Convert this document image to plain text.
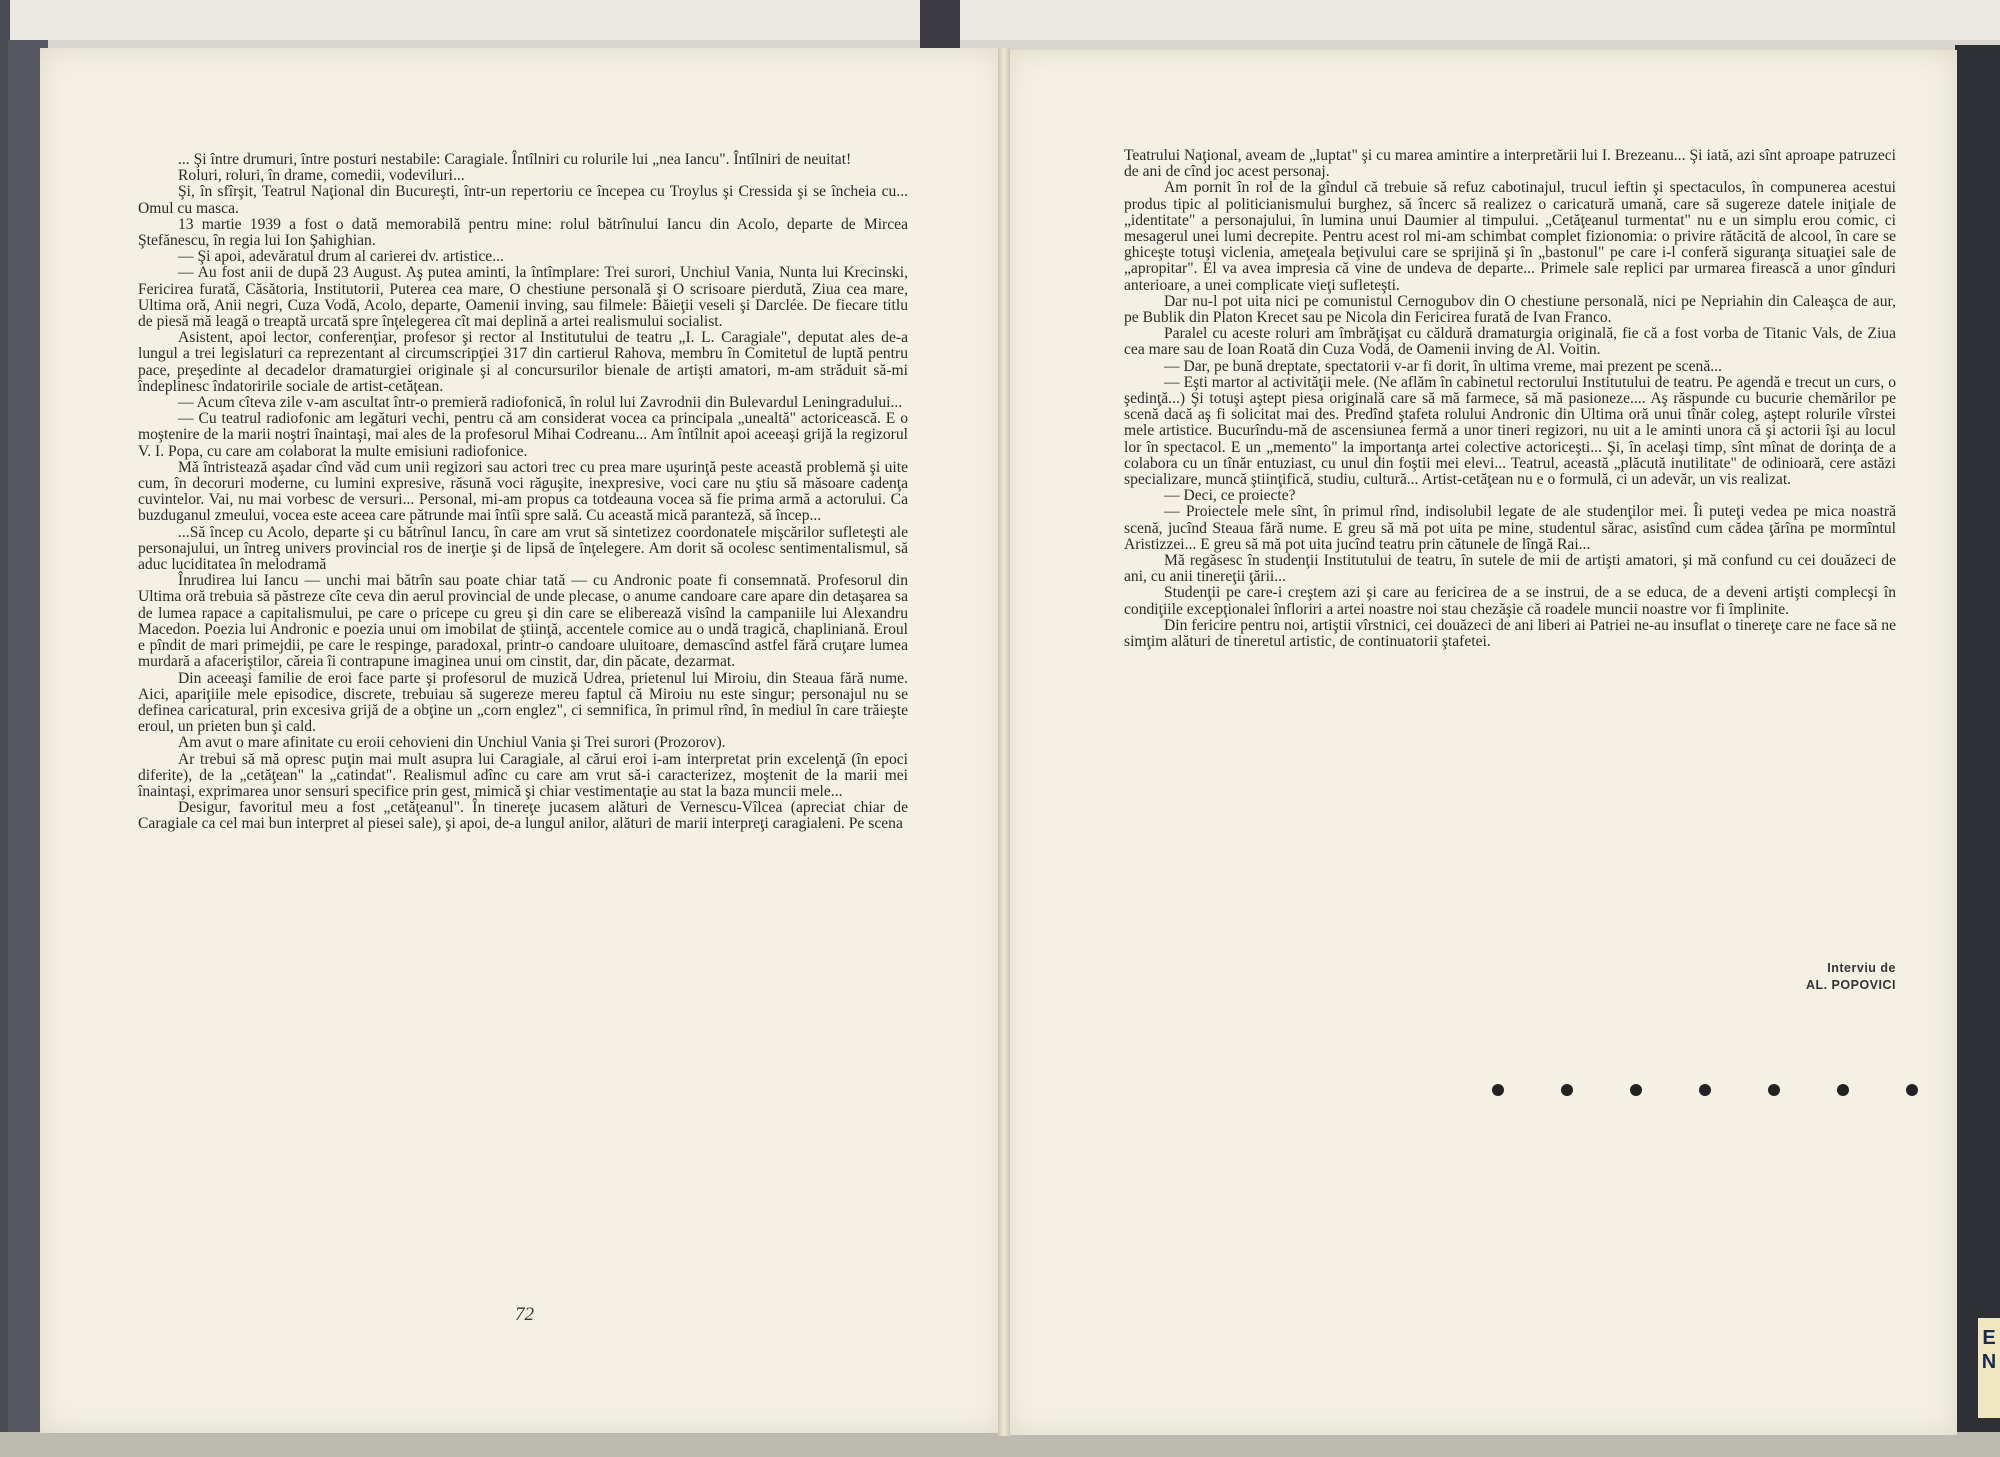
... Şi între drumuri, între posturi nestabile: Caragiale. Întîlniri cu rolurile lui „nea Iancu". Întîlniri de neuitat!

Roluri, roluri, în drame, comedii, vodeviluri...

Şi, în sfîrşit, Teatrul Naţional din Bucureşti, într-un repertoriu ce începea cu Troylus şi Cressida şi se încheia cu... Omul cu masca.

13 martie 1939 a fost o dată memorabilă pentru mine: rolul bătrînului Iancu din Acolo, departe de Mircea Ştefănescu, în regia lui Ion Şahighian.

— Şi apoi, adevăratul drum al carierei dv. artistice...

— Au fost anii de după 23 August. Aş putea aminti, la întîmplare: Trei surori, Unchiul Vania, Nunta lui Krecinski, Fericirea furată, Căsătoria, Institutorii, Puterea cea mare, O chestiune personală şi O scrisoare pierdută, Ziua cea mare, Ultima oră, Anii negri, Cuza Vodă, Acolo, departe, Oamenii inving, sau filmele: Băieţii veseli şi Darclée. De fiecare titlu de piesă mă leagă o treaptă urcată spre înţelegerea cît mai deplină a artei realismului socialist.

Asistent, apoi lector, conferenţiar, profesor şi rector al Institutului de teatru „I. L. Caragiale", deputat ales de-a lungul a trei legislaturi ca reprezentant al circumscripţiei 317 din cartierul Rahova, membru în Comitetul de luptă pentru pace, preşedinte al decadelor dramaturgiei originale şi al concursurilor bienale de artişti amatori, m-am străduit să-mi îndeplinesc îndatoririle sociale de artist-cetăţean.

— Acum cîteva zile v-am ascultat într-o premieră radiofonică, în rolul lui Zavrodnii din Bulevardul Leningradului...

— Cu teatrul radiofonic am legături vechi, pentru că am considerat vocea ca principala „unealtă" actoricească. E o moştenire de la marii noştri înaintaşi, mai ales de la profesorul Mihai Codreanu... Am întîlnit apoi aceeaşi grijă la regizorul V. I. Popa, cu care am colaborat la multe emisiuni radiofonice.

Mă întristează aşadar cînd văd cum unii regizori sau actori trec cu prea mare uşurinţă peste această problemă şi uite cum, în decoruri moderne, cu lumini expresive, răsună voci răguşite, inexpresive, voci care nu ştiu să măsoare cadenţa cuvintelor. Vai, nu mai vorbesc de versuri... Personal, mi-am propus ca totdeauna vocea să fie prima armă a actorului. Ca buzduganul zmeului, vocea este aceea care pătrunde mai întîi spre sală. Cu această mică paranteză, să încep...

...Să încep cu Acolo, departe şi cu bătrînul Iancu, în care am vrut să sintetizez coordonatele mişcărilor sufleteşti ale personajului, un întreg univers provincial ros de inerţie şi de lipsă de înţelegere. Am dorit să ocolesc sentimentalismul, să aduc luciditatea în melodramă

Înrudirea lui Iancu — unchi mai bătrîn sau poate chiar tată — cu Andronic poate fi consemnată. Profesorul din Ultima oră trebuia să păstreze cîte ceva din aerul provincial de unde plecase, o anume candoare care apare din detaşarea sa de lumea rapace a capitalismului, pe care o pricepe cu greu şi din care se eliberează visînd la campaniile lui Alexandru Macedon. Poezia lui Andronic e poezia unui om imobilat de ştiinţă, accentele comice au o undă tragică, chapliniană. Eroul e pîndit de mari primejdii, pe care le respinge, paradoxal, printr-o candoare uluitoare, demascînd astfel fără cruţare lumea murdară a afaceriştilor, căreia îi contrapune imaginea unui om cinstit, dar, din păcate, dezarmat.

Din aceeaşi familie de eroi face parte şi profesorul de muzică Udrea, prietenul lui Miroiu, din Steaua fără nume. Aici, apariţiile mele episodice, discrete, trebuiau să sugereze mereu faptul că Miroiu nu este singur; personajul nu se definea caricatural, prin excesiva grijă de a obţine un „corn englez", ci semnifica, în primul rînd, în mediul în care trăieşte eroul, un prieten bun şi cald.

Am avut o mare afinitate cu eroii cehovieni din Unchiul Vania şi Trei surori (Prozorov).

Ar trebui să mă opresc puţin mai mult asupra lui Caragiale, al cărui eroi i-am interpretat prin excelenţă (în epoci diferite), de la „cetăţean" la „catindat". Realismul adînc cu care am vrut să-i caracterizez, moştenit de la marii mei înaintaşi, exprimarea unor sensuri specifice prin gest, mimică şi chiar vestimentaţie au stat la baza muncii mele...

Desigur, favoritul meu a fost „cetăţeanul". În tinereţe jucasem alături de Vernescu-Vîlcea (apreciat chiar de Caragiale ca cel mai bun interpret al piesei sale), şi apoi, de-a lungul anilor, alături de marii interpreţi caragialeni. Pe scena

72

Teatrului Naţional, aveam de „luptat" şi cu marea amintire a interpretării lui I. Brezeanu... Şi iată, azi sînt aproape patruzeci de ani de cînd joc acest personaj.

Am pornit în rol de la gîndul că trebuie să refuz cabotinajul, trucul ieftin şi spectaculos, în compunerea acestui produs tipic al politicianismului burghez, să încerc să realizez o caricatură umană, care să sugereze datele iniţiale de „identitate" a personajului, în lumina unui Daumier al timpului. „Cetăţeanul turmentat" nu e un simplu erou comic, ci mesagerul unei lumi decrepite. Pentru acest rol mi-am schimbat complet fizionomia: o privire rătăcită de alcool, în care se ghiceşte totuşi viclenia, ameţeala beţivului care se sprijină şi în „bastonul" pe care i-l conferă siguranţa situaţiei sale de „apropitar". El va avea impresia că vine de undeva de departe... Primele sale replici par urmarea firească a unor gînduri anterioare, a unei complicate vieţi sufleteşti.

Dar nu-l pot uita nici pe comunistul Cernogubov din O chestiune personală, nici pe Nepriahin din Caleaşca de aur, pe Bublik din Platon Krecet sau pe Nicola din Fericirea furată de Ivan Franco.

Paralel cu aceste roluri am îmbrăţişat cu căldură dramaturgia originală, fie că a fost vorba de Titanic Vals, de Ziua cea mare sau de Ioan Roată din Cuza Vodă, de Oamenii inving de Al. Voitin.

— Dar, pe bună dreptate, spectatorii v-ar fi dorit, în ultima vreme, mai prezent pe scenă...

— Eşti martor al activităţii mele. (Ne aflăm în cabinetul rectorului Institutului de teatru. Pe agendă e trecut un curs, o şedinţă...) Şi totuşi aştept piesa originală care să mă farmece, să mă pasioneze.... Aş răspunde cu bucurie chemărilor pe scenă dacă aş fi solicitat mai des. Predînd ştafeta rolului Andronic din Ultima oră unui tînăr coleg, aştept rolurile vîrstei mele artistice. Bucurîndu-mă de ascensiunea fermă a unor tineri regizori, nu uit a le aminti unora că şi actorii îşi au locul lor în spectacol. E un „memento" la importanţa artei colective actoriceşti... Şi, în acelaşi timp, sînt mînat de dorinţa de a colabora cu un tînăr entuziast, cu unul din foştii mei elevi... Teatrul, această „plăcută inutilitate" de odinioară, cere astăzi specializare, muncă ştiinţifică, studiu, cultură... Artist-cetăţean nu e o formulă, ci un adevăr, un vis realizat.

— Deci, ce proiecte?

— Proiectele mele sînt, în primul rînd, indisolubil legate de ale studenţilor mei. Îi puteţi vedea pe mica noastră scenă, jucînd Steaua fără nume. E greu să mă pot uita pe mine, studentul sărac, asistînd cum cădea ţărîna pe mormîntul Aristizzei... E greu să mă pot uita jucînd teatru prin cătunele de lîngă Rai...

Mă regăsesc în studenţii Institutului de teatru, în sutele de mii de artişti amatori, şi mă confund cu cei douăzeci de ani, cu anii tinereţii ţării...

Studenţii pe care-i creştem azi şi care au fericirea de a se instrui, de a se educa, de a deveni artişti complecşi în condiţiile excepţionalei înfloriri a artei noastre noi stau chezăşie că roadele muncii noastre vor fi împlinite.

Din fericire pentru noi, artiştii vîrstnici, cei douăzeci de ani liberi ai Patriei ne-au insuflat o tinereţe care ne face să ne simţim alături de tineretul artistic, de continuatorii ştafetei.

Interviu de
AL. POPOVICI
E
N
